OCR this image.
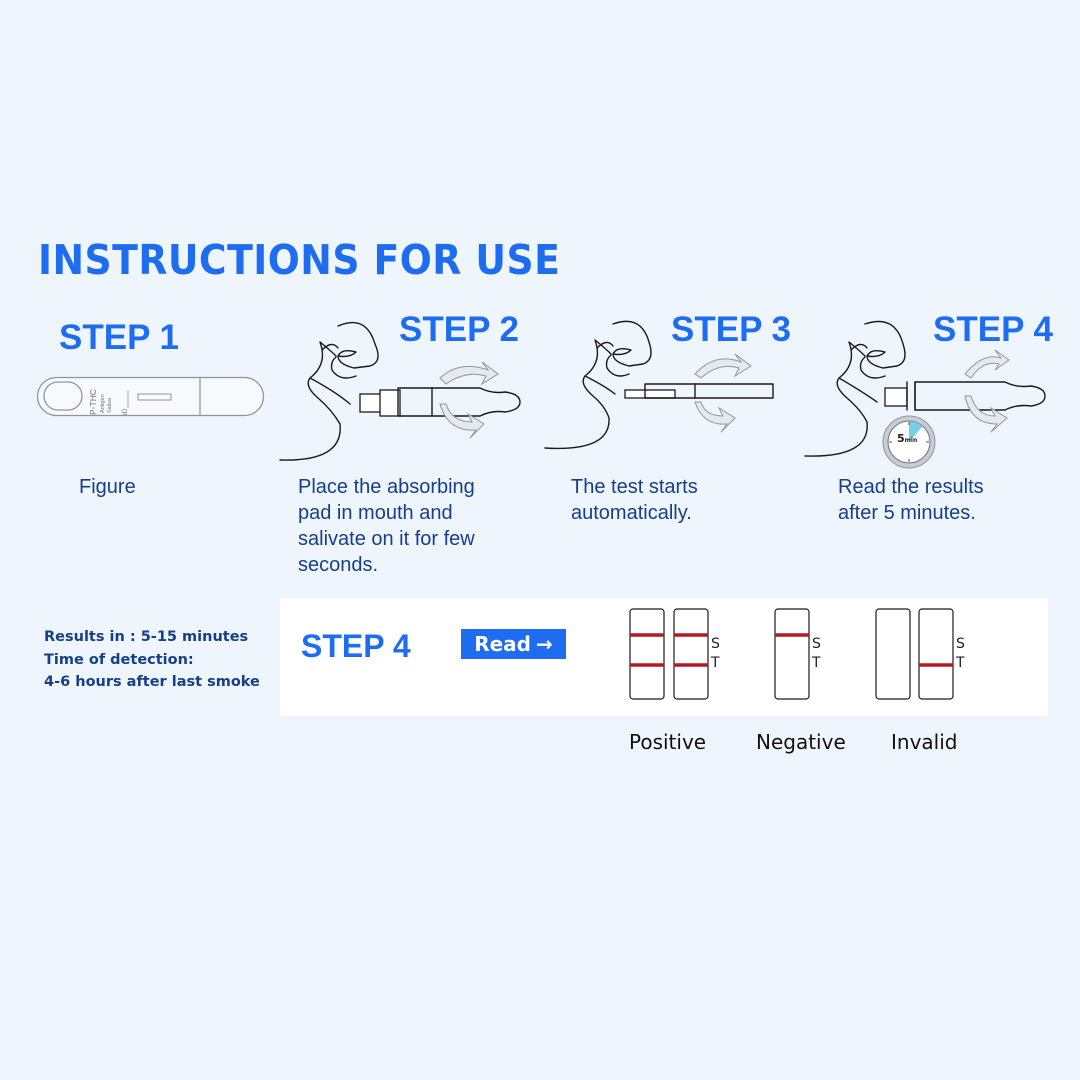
INSTRUCTIONS FOR USE
STEP 1	STEP 2	STEP 3	STEP 4
P-THC Antigen Saliva ID
5min
Figure	Place the absorbing pad in mouth and salivate on it for few seconds.
The test starts automatically.
Read the results after 5 minutes.
Results in : 5-15 minutes
Time of detection:
4-6 hours after last smoke
STEP 4	Read →	S
T
S
T
S
T
Positive Negative Invalid
